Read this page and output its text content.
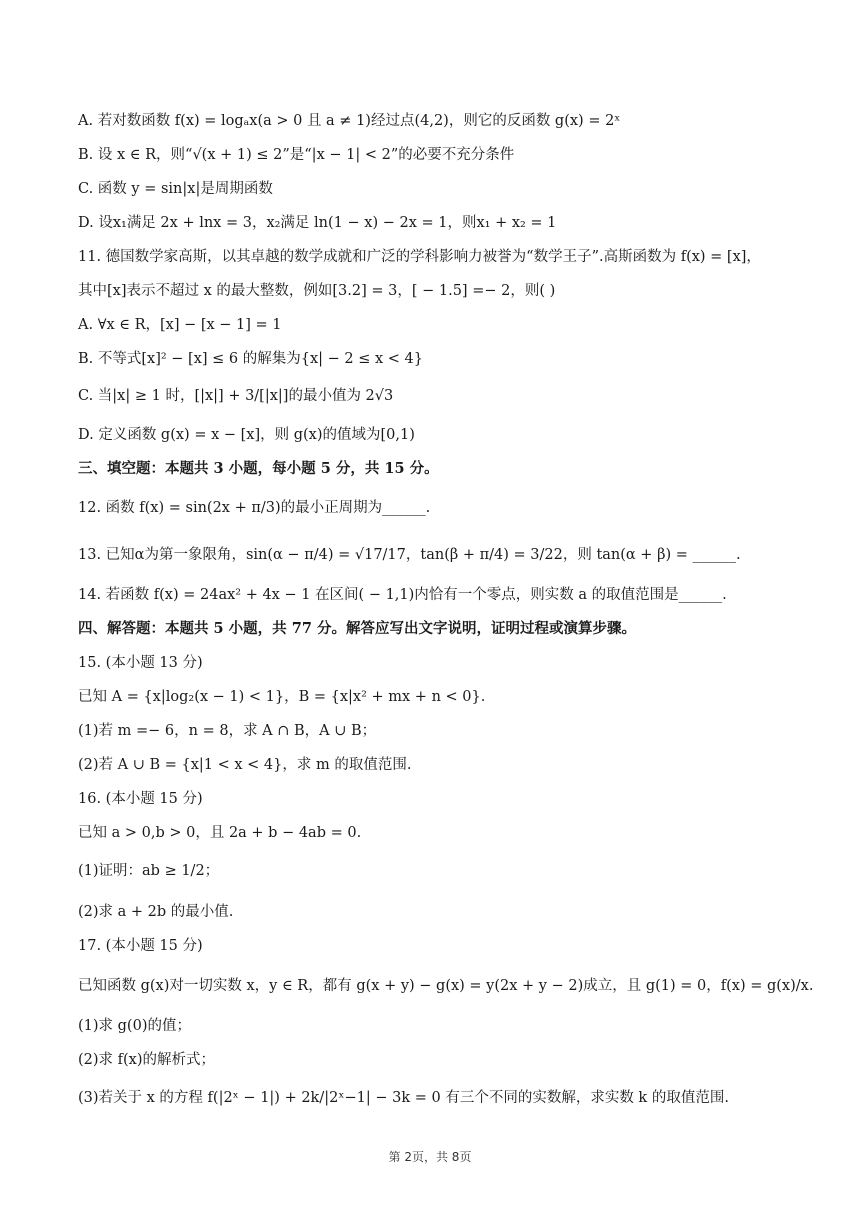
A. 若对数函数 f(x) = logₐx(a > 0 且 a ≠ 1)经过点(4,2)，则它的反函数 g(x) = 2ˣ
B. 设 x ∈ R，则“√(x + 1) ≤ 2”是“|x − 1| < 2”的必要不充分条件
C. 函数 y = sin|x|是周期函数
D. 设x₁满足 2x + lnx = 3，x₂满足 ln(1 − x) − 2x = 1，则x₁ + x₂ = 1
11. 德国数学家高斯，以其卓越的数学成就和广泛的学科影响力被誉为“数学王子”.高斯函数为 f(x) = [x]，
其中[x]表示不超过 x 的最大整数，例如[3.2] = 3，[ − 1.5] =− 2，则( )
A. ∀x ∈ R，[x] − [x − 1] = 1
B. 不等式[x]² − [x] ≤ 6 的解集为{x| − 2 ≤ x < 4}
C. 当|x| ≥ 1 时，[|x|] + 3/[|x|]的最小值为 2√3
D. 定义函数 g(x) = x − [x]，则 g(x)的值域为[0,1)
三、填空题：本题共 3 小题，每小题 5 分，共 15 分。
12. 函数 f(x) = sin(2x + π/3)的最小正周期为______.
13. 已知α为第一象限角，sin(α − π/4) = √17/17，tan(β + π/4) = 3/22，则 tan(α + β) = ______.
14. 若函数 f(x) = 24ax² + 4x − 1 在区间( − 1,1)内恰有一个零点，则实数 a 的取值范围是______.
四、解答题：本题共 5 小题，共 77 分。解答应写出文字说明，证明过程或演算步骤。
15. (本小题 13 分)
已知 A = {x|log₂(x − 1) < 1}，B = {x|x² + mx + n < 0}.
(1)若 m =− 6，n = 8，求 A ∩ B，A ∪ B；
(2)若 A ∪ B = {x|1 < x < 4}，求 m 的取值范围.
16. (本小题 15 分)
已知 a > 0,b > 0，且 2a + b − 4ab = 0.
(1)证明：ab ≥ 1/2；
(2)求 a + 2b 的最小值.
17. (本小题 15 分)
已知函数 g(x)对一切实数 x，y ∈ R，都有 g(x + y) − g(x) = y(2x + y − 2)成立，且 g(1) = 0，f(x) = g(x)/x.
(1)求 g(0)的值；
(2)求 f(x)的解析式；
(3)若关于 x 的方程 f(|2ˣ − 1|) + 2k/|2ˣ−1| − 3k = 0 有三个不同的实数解，求实数 k 的取值范围.
第 2页，共 8页
